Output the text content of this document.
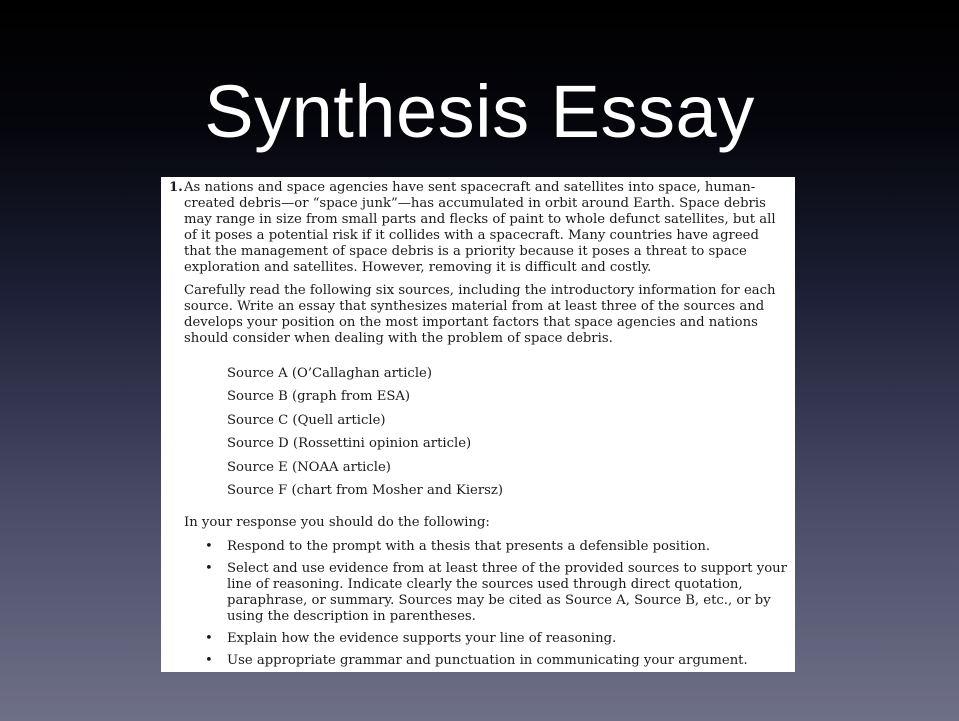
Synthesis Essay
1. As nations and space agencies have sent spacecraft and satellites into space, human-created debris—or “space junk”—has accumulated in orbit around Earth. Space debris may range in size from small parts and flecks of paint to whole defunct satellites, but all of it poses a potential risk if it collides with a spacecraft. Many countries have agreed that the management of space debris is a priority because it poses a threat to space exploration and satellites. However, removing it is difficult and costly.

Carefully read the following six sources, including the introductory information for each source. Write an essay that synthesizes material from at least three of the sources and develops your position on the most important factors that space agencies and nations should consider when dealing with the problem of space debris.

Source A (O’Callaghan article)
Source B (graph from ESA)
Source C (Quell article)
Source D (Rossettini opinion article)
Source E (NOAA article)
Source F (chart from Mosher and Kiersz)

In your response you should do the following:

• Respond to the prompt with a thesis that presents a defensible position.
• Select and use evidence from at least three of the provided sources to support your line of reasoning. Indicate clearly the sources used through direct quotation, paraphrase, or summary. Sources may be cited as Source A, Source B, etc., or by using the description in parentheses.
• Explain how the evidence supports your line of reasoning.
• Use appropriate grammar and punctuation in communicating your argument.
